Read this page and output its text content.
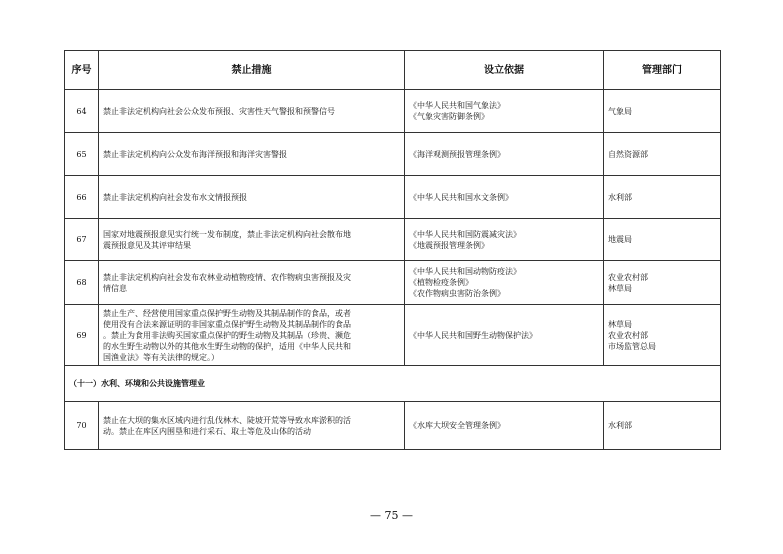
序号	禁止措施	设立依据	管理部门
64	禁止非法定机构向社会公众发布预报、灾害性天气警报和预警信号	《中华人民共和国气象法》
《气象灾害防御条例》	气象局

65	禁止非法定机构向公众发布海洋预报和海洋灾害警报	《海洋观测预报管理条例》	自然资源部

66	禁止非法定机构向社会发布水文情报预报	《中华人民共和国水文条例》	水利部

67	国家对地震预报意见实行统一发布制度，禁止非法定机构向社会散布地
震预报意见及其评审结果	《中华人民共和国防震减灾法》
《地震预报管理条例》	地震局

68	禁止非法定机构向社会发布农林业动植物疫情、农作物病虫害预报及灾
情信息	《中华人民共和国动物防疫法》
《植物检疫条例》
《农作物病虫害防治条例》	农业农村部
林草局

69	禁止生产、经营使用国家重点保护野生动物及其制品制作的食品，或者
使用没有合法来源证明的非国家重点保护野生动物及其制品制作的食品
。禁止为食用非法购买国家重点保护的野生动物及其制品（珍贵、濒危
的水生野生动物以外的其他水生野生动物的保护，适用《中华人民共和
国渔业法》等有关法律的规定。）	《中华人民共和国野生动物保护法》	林草局
农业农村部
市场监管总局

（十一）水利、环境和公共设施管理业			
70	禁止在大坝的集水区域内进行乱伐林木、陡坡开荒等导致水库淤积的活
动。禁止在库区内围垦和进行采石、取土等危及山体的活动	《水库大坝安全管理条例》	水利部
— 75 —
